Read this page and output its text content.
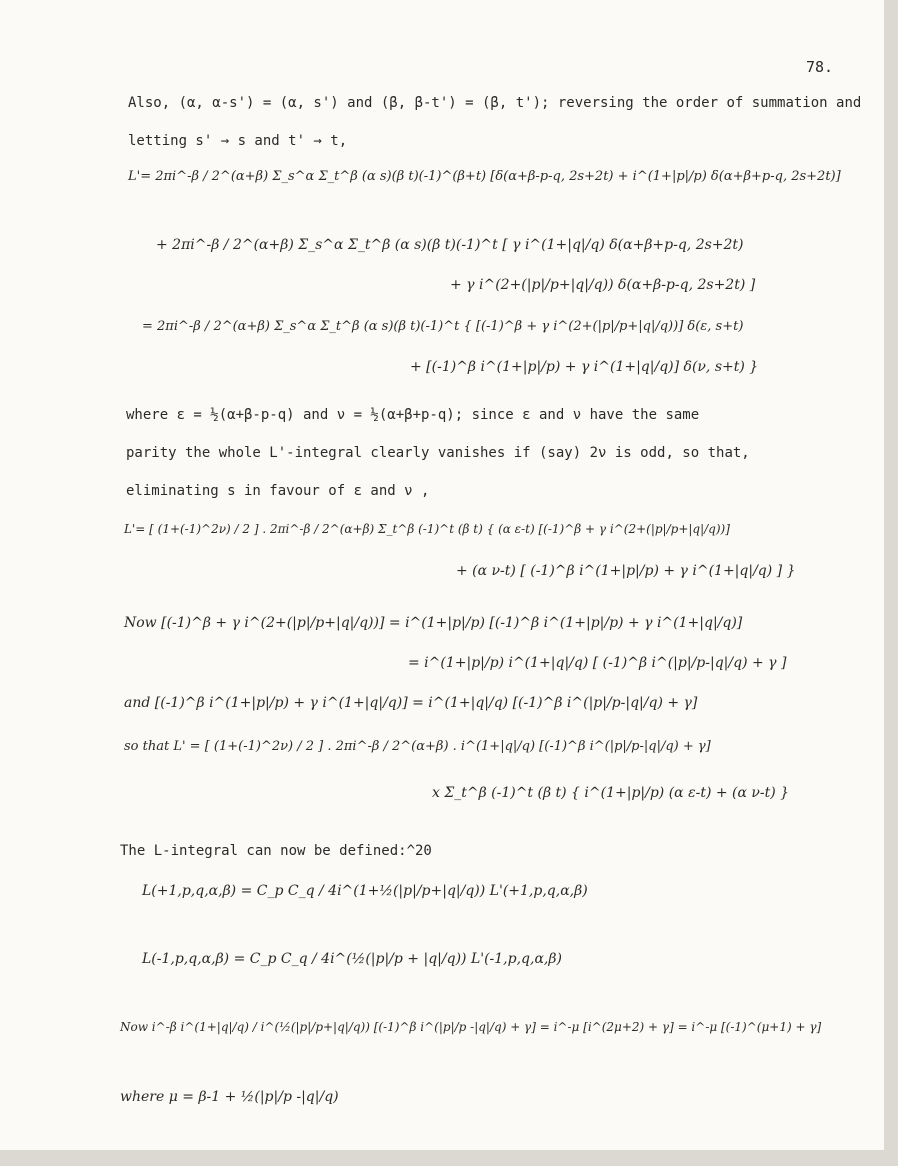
78.
Also, (α, α-s') = (α, s') and (β, β-t') = (β, t'); reversing the order of summation and
letting s' → s and t' → t,
L'= 2πi^-β / 2^(α+β) Σ_s^α Σ_t^β (α s)(β t)(-1)^(β+t) [δ(α+β-p-q, 2s+2t) + i^(1+|p|/p) δ(α+β+p-q, 2s+2t)]
+ 2πi^-β / 2^(α+β) Σ_s^α Σ_t^β (α s)(β t)(-1)^t [ γ i^(1+|q|/q) δ(α+β+p-q, 2s+2t)
+ γ i^(2+(|p|/p+|q|/q)) δ(α+β-p-q, 2s+2t) ]
= 2πi^-β / 2^(α+β) Σ_s^α Σ_t^β (α s)(β t)(-1)^t { [(-1)^β + γ i^(2+(|p|/p+|q|/q))] δ(ε, s+t)
+ [(-1)^β i^(1+|p|/p) + γ i^(1+|q|/q)] δ(ν, s+t) }
where ε = ½(α+β-p-q) and ν = ½(α+β+p-q); since ε and ν have the same
parity the whole L'-integral clearly vanishes if (say) 2ν is odd, so that,
eliminating s in favour of ε and ν ,
L'= [ (1+(-1)^2ν) / 2 ] . 2πi^-β / 2^(α+β) Σ_t^β (-1)^t (β t) { (α ε-t) [(-1)^β + γ i^(2+(|p|/p+|q|/q))]
+ (α ν-t) [ (-1)^β i^(1+|p|/p) + γ i^(1+|q|/q) ] }
Now [(-1)^β + γ i^(2+(|p|/p+|q|/q))] = i^(1+|p|/p) [(-1)^β i^(1+|p|/p) + γ i^(1+|q|/q)]
= i^(1+|p|/p) i^(1+|q|/q) [ (-1)^β i^(|p|/p-|q|/q) + γ ]
and [(-1)^β i^(1+|p|/p) + γ i^(1+|q|/q)] = i^(1+|q|/q) [(-1)^β i^(|p|/p-|q|/q) + γ]
so that L' = [ (1+(-1)^2ν) / 2 ] . 2πi^-β / 2^(α+β) . i^(1+|q|/q) [(-1)^β i^(|p|/p-|q|/q) + γ]
x Σ_t^β (-1)^t (β t) { i^(1+|p|/p) (α ε-t) + (α ν-t) }
The L-integral can now be defined:^20
L(+1,p,q,α,β) = C_p C_q / 4i^(1+½(|p|/p+|q|/q)) L'(+1,p,q,α,β)
L(-1,p,q,α,β) = C_p C_q / 4i^(½(|p|/p + |q|/q)) L'(-1,p,q,α,β)
Now i^-β i^(1+|q|/q) / i^(½(|p|/p+|q|/q)) [(-1)^β i^(|p|/p -|q|/q) + γ] = i^-μ [i^(2μ+2) + γ] = i^-μ [(-1)^(μ+1) + γ]
where μ = β-1 + ½(|p|/p -|q|/q)
